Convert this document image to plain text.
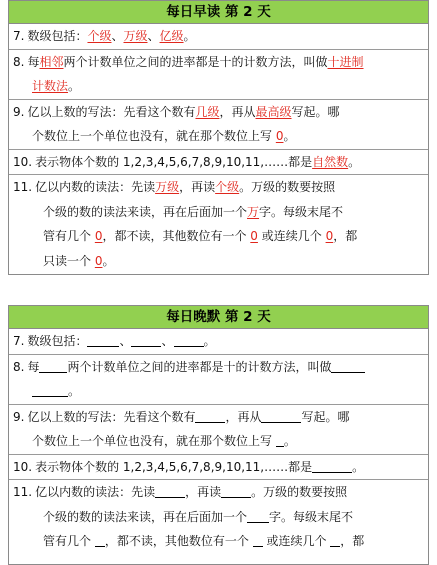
每日早读 第 2 天
7. 数级包括：个级、万级、亿级。
8. 每相邻两个计数单位之间的进率都是十的计数方法，叫做十进制
计数法。
9. 亿以上数的写法：先看这个数有几级，再从最高级写起。哪
个数位上一个单位也没有，就在那个数位上写 0。
10. 表示物体个数的 1,2,3,4,5,6,7,8,9,10,11,……都是自然数。
11. 亿以内数的读法：先读万级，再读个级。万级的数要按照
个级的数的读法来读，再在后面加一个万字。每级末尾不
管有几个 0，都不读，其他数位有一个 0 或连续几个 0，都
只读一个 0。
每日晚默 第 2 天
7. 数级包括：	、	、	。
8. 每 两个计数单位之间的进率都是十的计数方法，叫做
。
9. 亿以上数的写法：先看这个数有	，再从	写起。哪
个数位上一个单位也没有，就在那个数位上写 。
10. 表示物体个数的 1,2,3,4,5,6,7,8,9,10,11,……都是	。
11. 亿以内数的读法：先读	，再读	。万级的数要按照
个级的数的读法来读，再在后面加一个 字。每级末尾不
管有几个 ，都不读，其他数位有一个  或连续几个 ，都
